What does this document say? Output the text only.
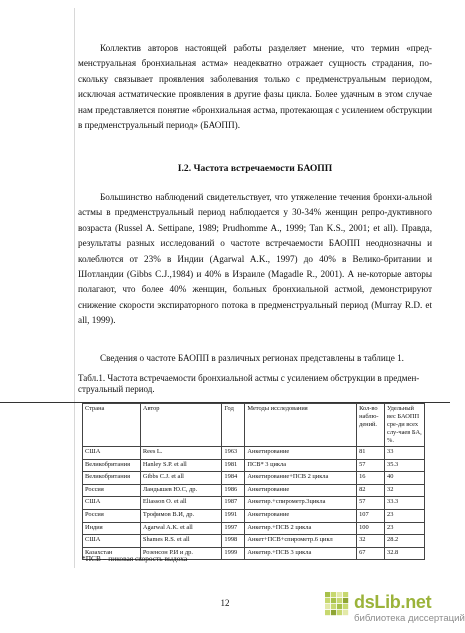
Коллектив авторов настоящей работы разделяет мнение, что термин «пред-менструальная бронхиальная астма» неадекватно отражает сущность страдания, по-скольку связывает проявления заболевания только с предменструальным периодом, исключая астматические проявления в другие фазы цикла. Более удачным в этом случае нам представляется понятие «бронхиальная астма, протекающая с усилением обструкции в предменструальный период» (БАОПП).

I.2. Частота встречаемости БАОПП

Большинство наблюдений свидетельствует, что утяжеление течения бронхи-альной астмы в предменструальный период наблюдается у 30-34% женщин репро-дуктивного возраста (Russel A. Settipane, 1989; Prudhomme A., 1999; Tan K.S., 2001; et all). Правда, результаты разных исследований о частоте встречаемости БАОПП неоднозначны и колеблются от 23% в Индии (Agarwal A.K., 1997) до 40% в Велико-британии и Шотландии (Gibbs C.J.,1984) и 40% в Израиле (Magadle R., 2001). А не-которые авторы полагают, что более 40% женщин, больных бронхиальной астмой, демонстрируют снижение скорости экспираторного потока в предменструальный период (Murray R.D. et all, 1999).

Сведения о частоте БАОПП в различных регионах представлены в таблице 1.

Табл.1. Частота встречаемости бронхиальной астмы с усилением обструкции в предмен-струальный период.

Страна	Автор	Год	Методы исследования	Кол-во наблю-дений.	Удельный вес БАОПП сре-ди всех слу-чаев БА, %.
США	Rees L.	1963	Анкетирование	81	33
Великобритания	Hanley S.P. et all	1981	ПСВ* 3 цикла	57	35.3
Великобритания	Gibbs C.J. et all	1984	Анкетирование+ПСВ 2 цикла	16	40
Россия	Ландышев Ю.С, др.	1986	Анкетирование	82	32
США	Eliasson O. et all	1987	Анкетир.+спирометр.3цикла	57	33.3
Россия	Трофимов В.И, др.	1991	Анкетирование	107	23
Индия	Agarwal A.K. et all	1997	Анкетир.+ПСВ 2 цикла	100	23
США	Shames R.S. et all	1998	Анкет+ПСВ+спирометр.6 цикл	32	28.2
Казахстан	Розенсон Р.И и др.	1999	Анкетир.+ПСВ 3 цикла	67	32.8

*ПСВ – пиковая скорость выдоха

12	dsLib.net
библиотека диссертаций
